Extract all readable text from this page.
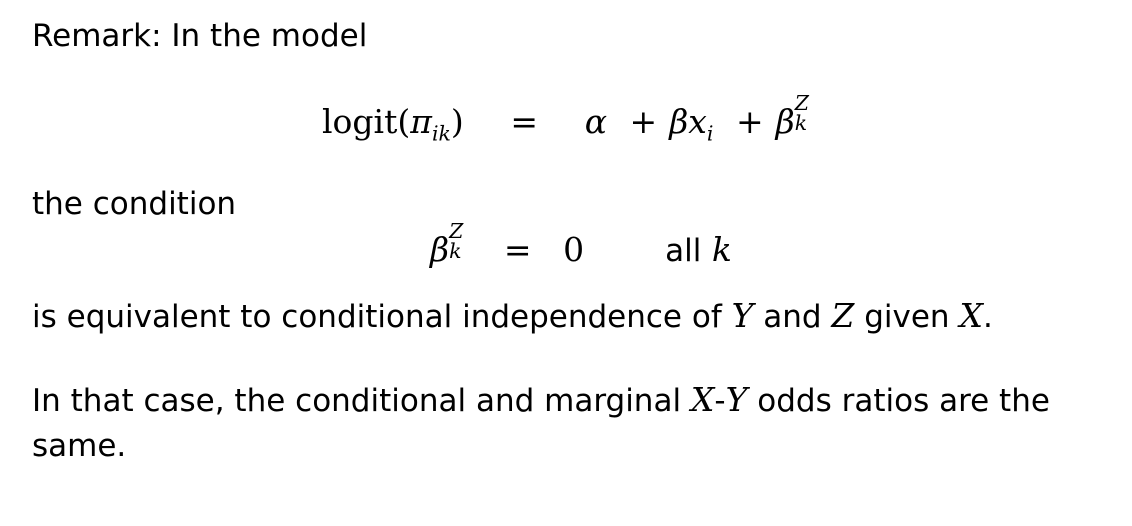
Remark: In the model
$logit(\pi_{ik}) = \alpha + \beta x_i + \beta$ Z
k
the condition
β Z
k = 0	all k
is equivalent to conditional independence of Y and Z given X.
In that case, the conditional and marginal X-Y odds ratios are the
same.
